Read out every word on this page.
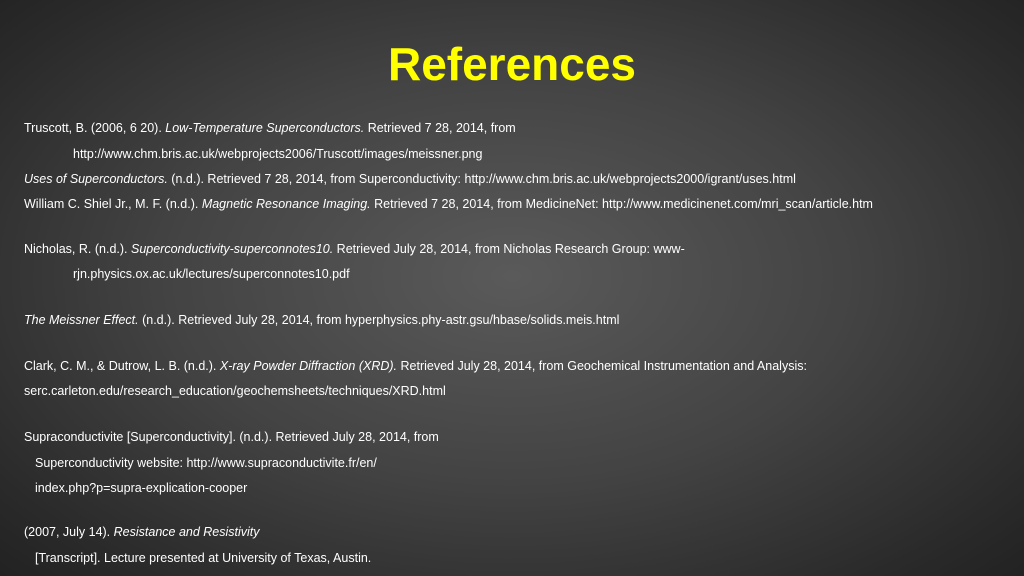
References
Truscott, B. (2006, 6 20). Low-Temperature Superconductors. Retrieved 7 28, 2014, from
http://www.chm.bris.ac.uk/webprojects2006/Truscott/images/meissner.png
Uses of Superconductors. (n.d.). Retrieved 7 28, 2014, from Superconductivity: http://www.chm.bris.ac.uk/webprojects2000/igrant/uses.html
William C. Shiel Jr., M. F. (n.d.). Magnetic Resonance Imaging. Retrieved 7 28, 2014, from MedicineNet: http://www.medicinenet.com/mri_scan/article.htm
Nicholas, R. (n.d.). Superconductivity-superconnotes10. Retrieved July 28, 2014, from Nicholas Research Group: www-
rjn.physics.ox.ac.uk/lectures/superconnotes10.pdf
The Meissner Effect. (n.d.). Retrieved July 28, 2014, from hyperphysics.phy-astr.gsu/hbase/solids.meis.html
Clark, C. M., & Dutrow, L. B. (n.d.). X-ray Powder Diffraction (XRD). Retrieved July 28, 2014, from Geochemical Instrumentation and Analysis:
serc.carleton.edu/research_education/geochemsheets/techniques/XRD.html
Supraconductivite [Superconductivity]. (n.d.). Retrieved July 28, 2014, from
Superconductivity website: http://www.supraconductivite.fr/en/
index.php?p=supra-explication-cooper
(2007, July 14). Resistance and Resistivity
[Transcript]. Lecture presented at University of Texas, Austin.
